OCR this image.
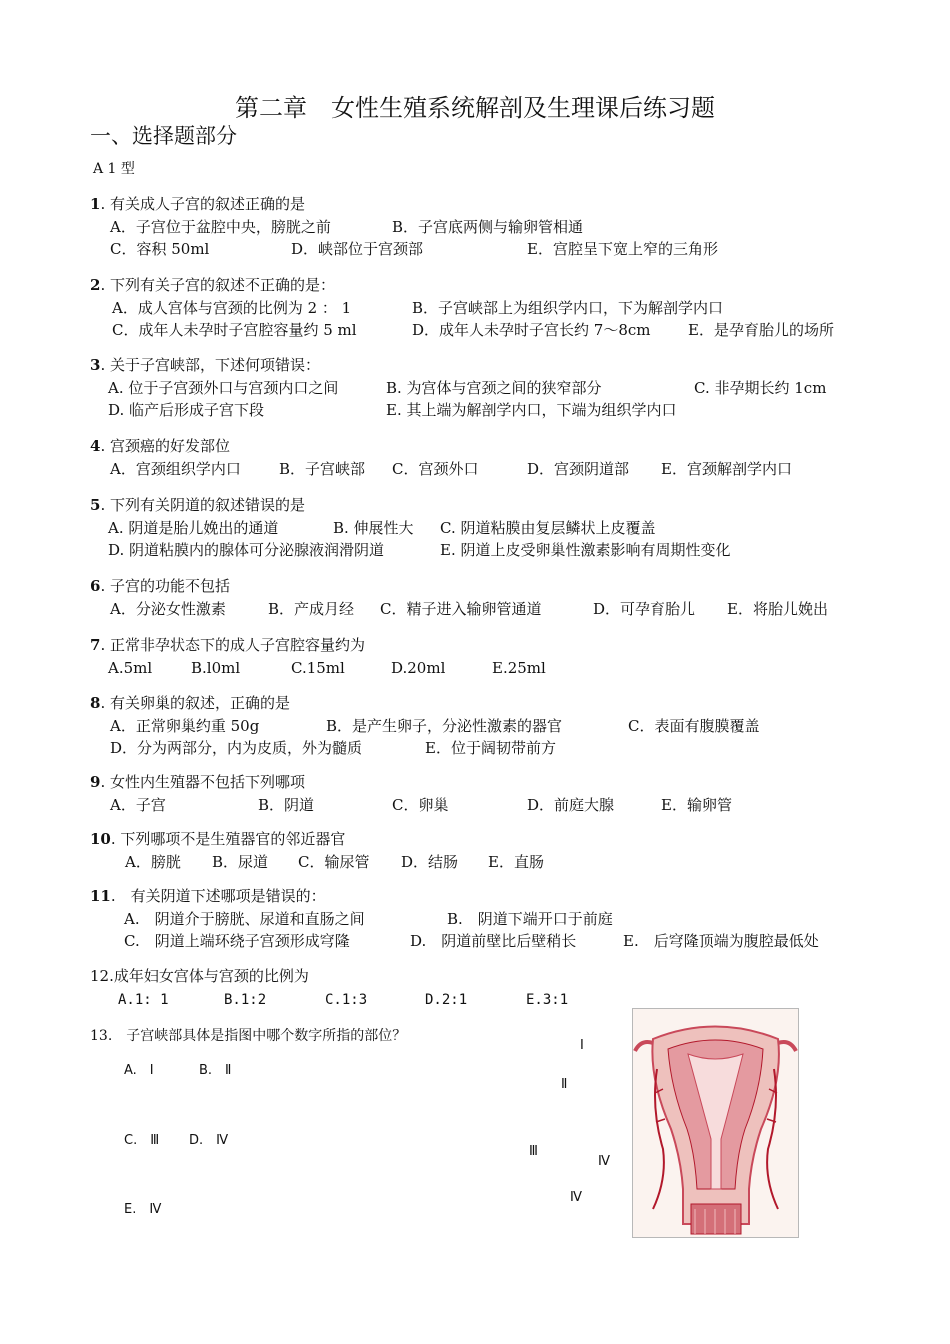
第二章　女性生殖系统解剖及生理课后练习题
一、选择题部分
A 1 型
1. 有关成人子宫的叙述正确的是
A．子宫位于盆腔中央，膀胱之前	B．子宫底两侧与输卵管相通
C．容积 50ml	D．峡部位于宫颈部	E．宫腔呈下宽上窄的三角形
2. 下列有关子宫的叙述不正确的是：
A．成人宫体与宫颈的比例为 2 ： 1	B．子宫峡部上为组织学内口，下为解剖学内口
C．成年人未孕时子宫腔容量约 5 ml	D．成年人未孕时子宫长约 7～8cm E．是孕育胎儿的场所
3. 关于子宫峡部，下述何项错误：
A. 位于子宫颈外口与宫颈内口之间	B. 为宫体与宫颈之间的狭窄部分	C. 非孕期长约 1cm
D. 临产后形成子宫下段	E. 其上端为解剖学内口，下端为组织学内口
4. 宫颈癌的好发部位
A．宫颈组织学内口	B．子宫峡部 C．宫颈外口	D．宫颈阴道部 E．宫颈解剖学内口
5. 下列有关阴道的叙述错误的是
A. 阴道是胎儿娩出的通道	B. 伸展性大 C. 阴道粘膜由复层鳞状上皮覆盖
D. 阴道粘膜内的腺体可分泌腺液润滑阴道	E. 阴道上皮受卵巢性激素影响有周期性变化
6. 子宫的功能不包括
A．分泌女性激素	B．产成月经 C．精子进入输卵管通道	D．可孕育胎儿 E．将胎儿娩出
7. 正常非孕状态下的成人子宫腔容量约为
A.5ml	B.l0ml	C.15ml	D.20ml	E.25ml
8. 有关卵巢的叙述，正确的是
A．正常卵巢约重 50g	B．是产生卵子，分泌性激素的器官	C．表面有腹膜覆盖
D．分为两部分，内为皮质，外为髓质	E．位于阔韧带前方
9. 女性内生殖器不包括下列哪项
A．子宫	B．阴道	C．卵巢	D．前庭大腺	E．输卵管
10. 下列哪项不是生殖器官的邻近器官
A．膀胱 B．尿道 C．输尿管 D．结肠 E．直肠
11.　有关阴道下述哪项是错误的：
A.　阴道介于膀胱、尿道和直肠之间	B.　阴道下端开口于前庭
C.　阴道上端环绕子宫颈形成穹隆	D.　阴道前壁比后壁稍长	E.　后穹隆顶端为腹腔最低处
12.成年妇女宫体与宫颈的比例为
A.1: 1	B.1:2	C.1:3	D.2:1	E.3:1
13.　子宫峡部具体是指图中哪个数字所指的部位？
A.　Ⅰ	B.　Ⅱ
C.　Ⅲ D.　Ⅳ
E.　Ⅳ
Ⅰ
Ⅱ
Ⅲ
Ⅳ
Ⅳ
